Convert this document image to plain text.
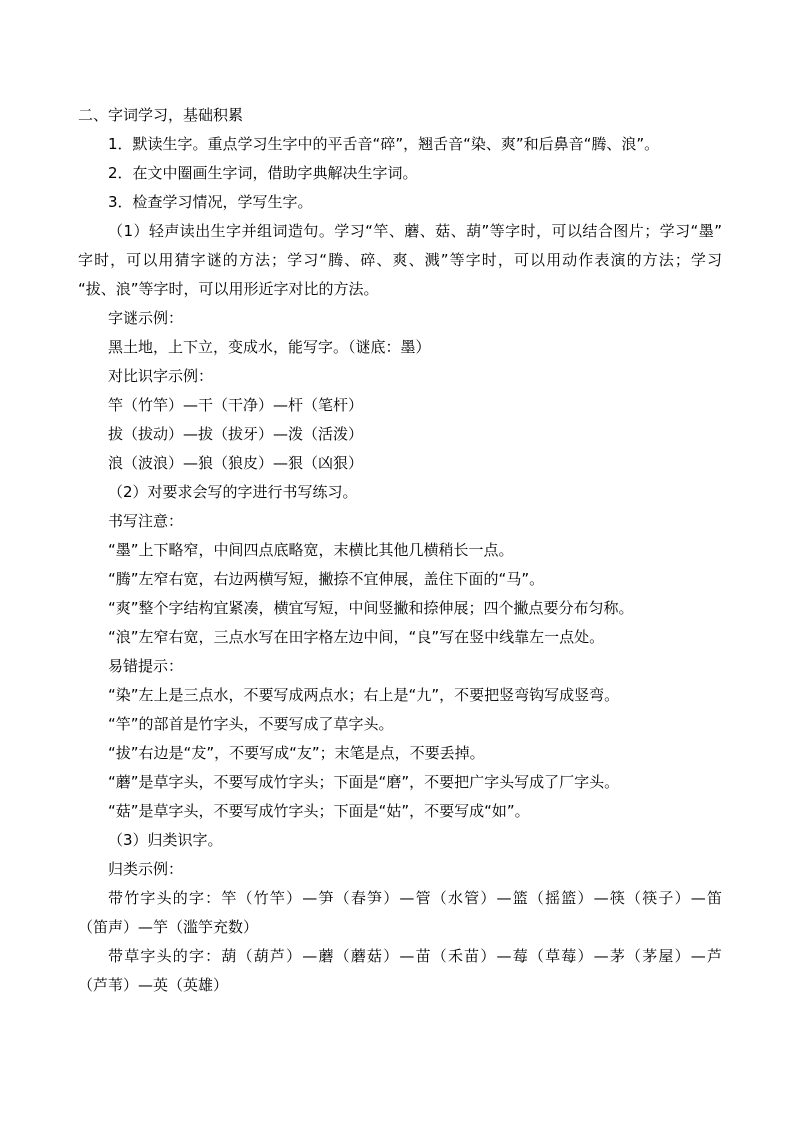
二、字词学习，基础积累
1．默读生字。重点学习生字中的平舌音“碎”，翘舌音“染、爽”和后鼻音“腾、浪”。
2．在文中圈画生字词，借助字典解决生字词。
3．检查学习情况，学写生字。
（1）轻声读出生字并组词造句。学习“竿、蘑、菇、葫”等字时，可以结合图片；学习“墨”
字时，可以用猜字谜的方法；学习“腾、碎、爽、溅”等字时，可以用动作表演的方法；学习
“拔、浪”等字时，可以用形近字对比的方法。
字谜示例：
黑土地，上下立，变成水，能写字。（谜底：墨）
对比识字示例：
竿（竹竿）—干（干净）—杆（笔杆）
拔（拔动）—拔（拔牙）—泼（活泼）
浪（波浪）—狼（狼皮）—狠（凶狠）
（2）对要求会写的字进行书写练习。
书写注意：
“墨”上下略窄，中间四点底略宽，末横比其他几横稍长一点。
“腾”左窄右宽，右边两横写短，撇捺不宜伸展，盖住下面的“马”。
“爽”整个字结构宜紧凑，横宜写短，中间竖撇和捺伸展；四个撇点要分布匀称。
“浪”左窄右宽，三点水写在田字格左边中间，“良”写在竖中线靠左一点处。
易错提示：
“染”左上是三点水，不要写成两点水；右上是“九”，不要把竖弯钩写成竖弯。
“竿”的部首是竹字头，不要写成了草字头。
“拔”右边是“犮”，不要写成“友”；末笔是点，不要丢掉。
“蘑”是草字头，不要写成竹字头；下面是“磨”，不要把广字头写成了厂字头。
“菇”是草字头，不要写成竹字头；下面是“姑”，不要写成“如”。
（3）归类识字。
归类示例：
带竹字头的字：竿（竹竿）—笋（春笋）—管（水管）—篮（摇篮）—筷（筷子）—笛
（笛声）—竽（滥竽充数）
带草字头的字：葫（葫芦）—蘑（蘑菇）—苗（禾苗）—莓（草莓）—茅（茅屋）—芦
（芦苇）—英（英雄）
